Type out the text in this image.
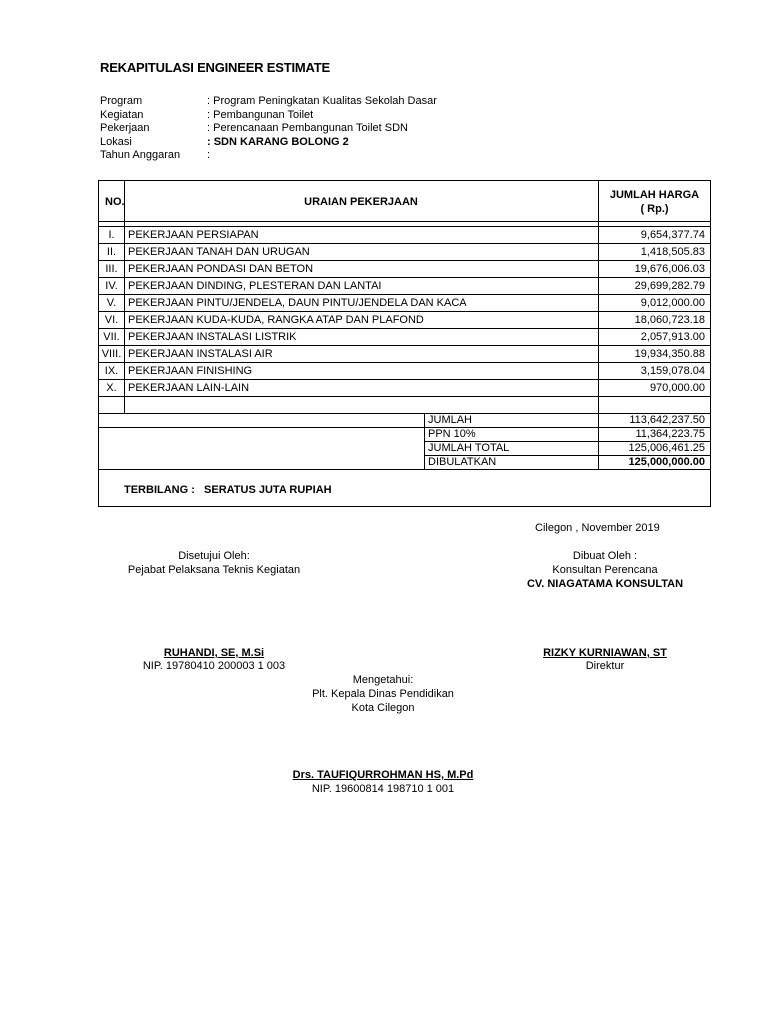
REKAPITULASI ENGINEER ESTIMATE
Program	: Program Peningkatan Kualitas Sekolah Dasar
Kegiatan	: Pembangunan Toilet
Pekerjaan	: Perencanaan Pembangunan Toilet SDN
Lokasi	: SDN KARANG BOLONG 2
Tahun Anggaran :
NO.	URAIAN PEKERJAAN
JUMLAH HARGA
( Rp.)
I.	PEKERJAAN PERSIAPAN	9,654,377.74
II.	PEKERJAAN TANAH DAN URUGAN	1,418,505.83
III. PEKERJAAN PONDASI DAN BETON	19,676,006.03
IV. PEKERJAAN DINDING, PLESTERAN DAN LANTAI	29,699,282.79
V.	PEKERJAAN PINTU/JENDELA, DAUN PINTU/JENDELA DAN KACA	9,012,000.00
VI. PEKERJAAN KUDA-KUDA, RANGKA ATAP DAN PLAFOND	18,060,723.18
VII. PEKERJAAN INSTALASI LISTRIK	2,057,913.00
VIII. PEKERJAAN INSTALASI AIR	19,934,350.88
IX. PEKERJAAN FINISHING	3,159,078.04
X.	PEKERJAAN LAIN-LAIN	970,000.00
JUMLAH	113,642,237.50
PPN 10%	11,364,223.75
JUMLAH TOTAL	125,006,461.25
DIBULATKAN	125,000,000.00
TERBILANG :   SERATUS JUTA RUPIAH
Cilegon , November 2019
Disetujui Oleh:
Pejabat Pelaksana Teknis Kegiatan
RUHANDI, SE, M.Si
NIP. 19780410 200003 1 003
Dibuat Oleh :
Konsultan Perencana
CV. NIAGATAMA KONSULTAN
RIZKY KURNIAWAN, ST
Direktur
Mengetahui:
Plt. Kepala Dinas Pendidikan
Kota Cilegon
Drs. TAUFIQURROHMAN HS, M.Pd
NIP. 19600814 198710 1 001
